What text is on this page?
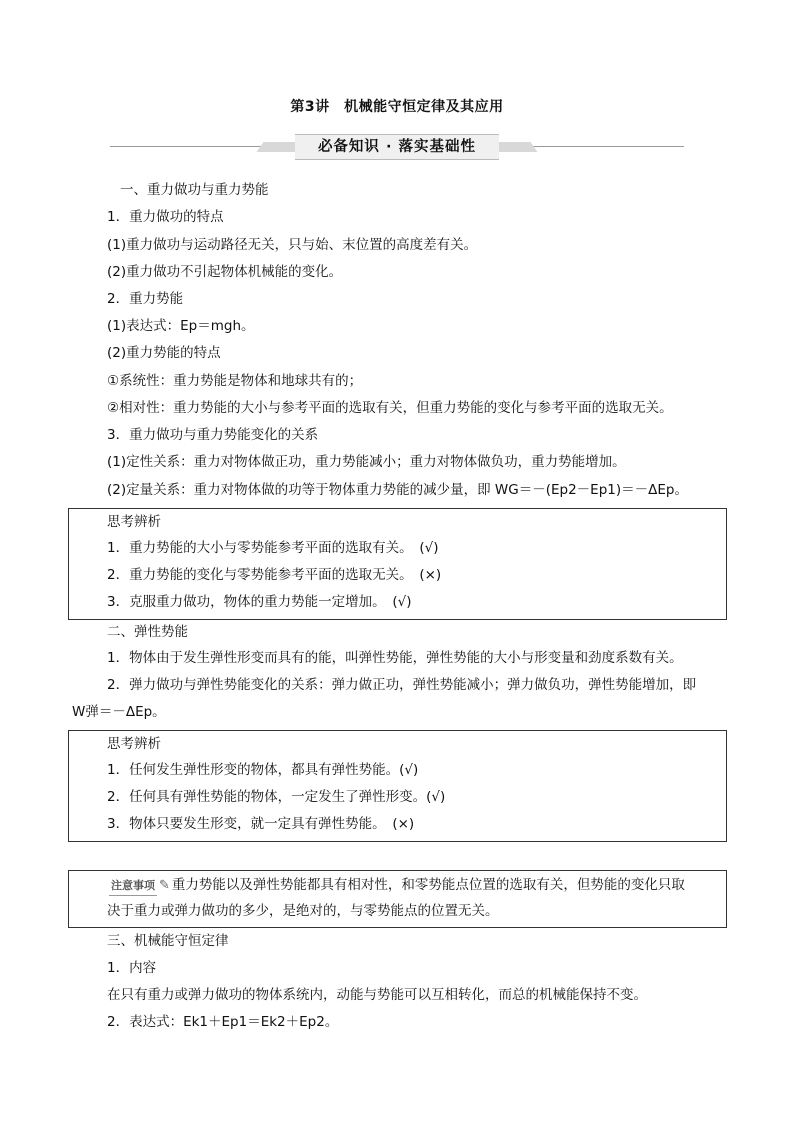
第3讲　机械能守恒定律及其应用
必备知识 · 落实基础性
一、重力做功与重力势能
1．重力做功的特点
(1)重力做功与运动路径无关，只与始、末位置的高度差有关。
(2)重力做功不引起物体机械能的变化。
2．重力势能
(1)表达式：Ep＝mgh。
(2)重力势能的特点
①系统性：重力势能是物体和地球共有的；
②相对性：重力势能的大小与参考平面的选取有关，但重力势能的变化与参考平面的选取无关。
3．重力做功与重力势能变化的关系
(1)定性关系：重力对物体做正功，重力势能减小；重力对物体做负功，重力势能增加。
(2)定量关系：重力对物体做的功等于物体重力势能的减少量，即 WG＝－(Ep2－Ep1)＝－ΔEp。
思考辨析
1．重力势能的大小与零势能参考平面的选取有关。　(√)
2．重力势能的变化与零势能参考平面的选取无关。　(×)
3．克服重力做功，物体的重力势能一定增加。　(√)
二、弹性势能
1．物体由于发生弹性形变而具有的能，叫弹性势能，弹性势能的大小与形变量和劲度系数有关。
2．弹力做功与弹性势能变化的关系：弹力做正功，弹性势能减小；弹力做负功，弹性势能增加，即
W弹＝－ΔEp。
思考辨析
1．任何发生弹性形变的物体，都具有弹性势能。(√)
2．任何具有弹性势能的物体，一定发生了弹性形变。(√)
3．物体只要发生形变，就一定具有弹性势能。　(×)
注意事项 ✎ 重力势能以及弹性势能都具有相对性，和零势能点位置的选取有关，但势能的变化只取
决于重力或弹力做功的多少，是绝对的，与零势能点的位置无关。
三、机械能守恒定律
1．内容
在只有重力或弹力做功的物体系统内，动能与势能可以互相转化，而总的机械能保持不变。
2．表达式：Ek1＋Ep1＝Ek2＋Ep2。
